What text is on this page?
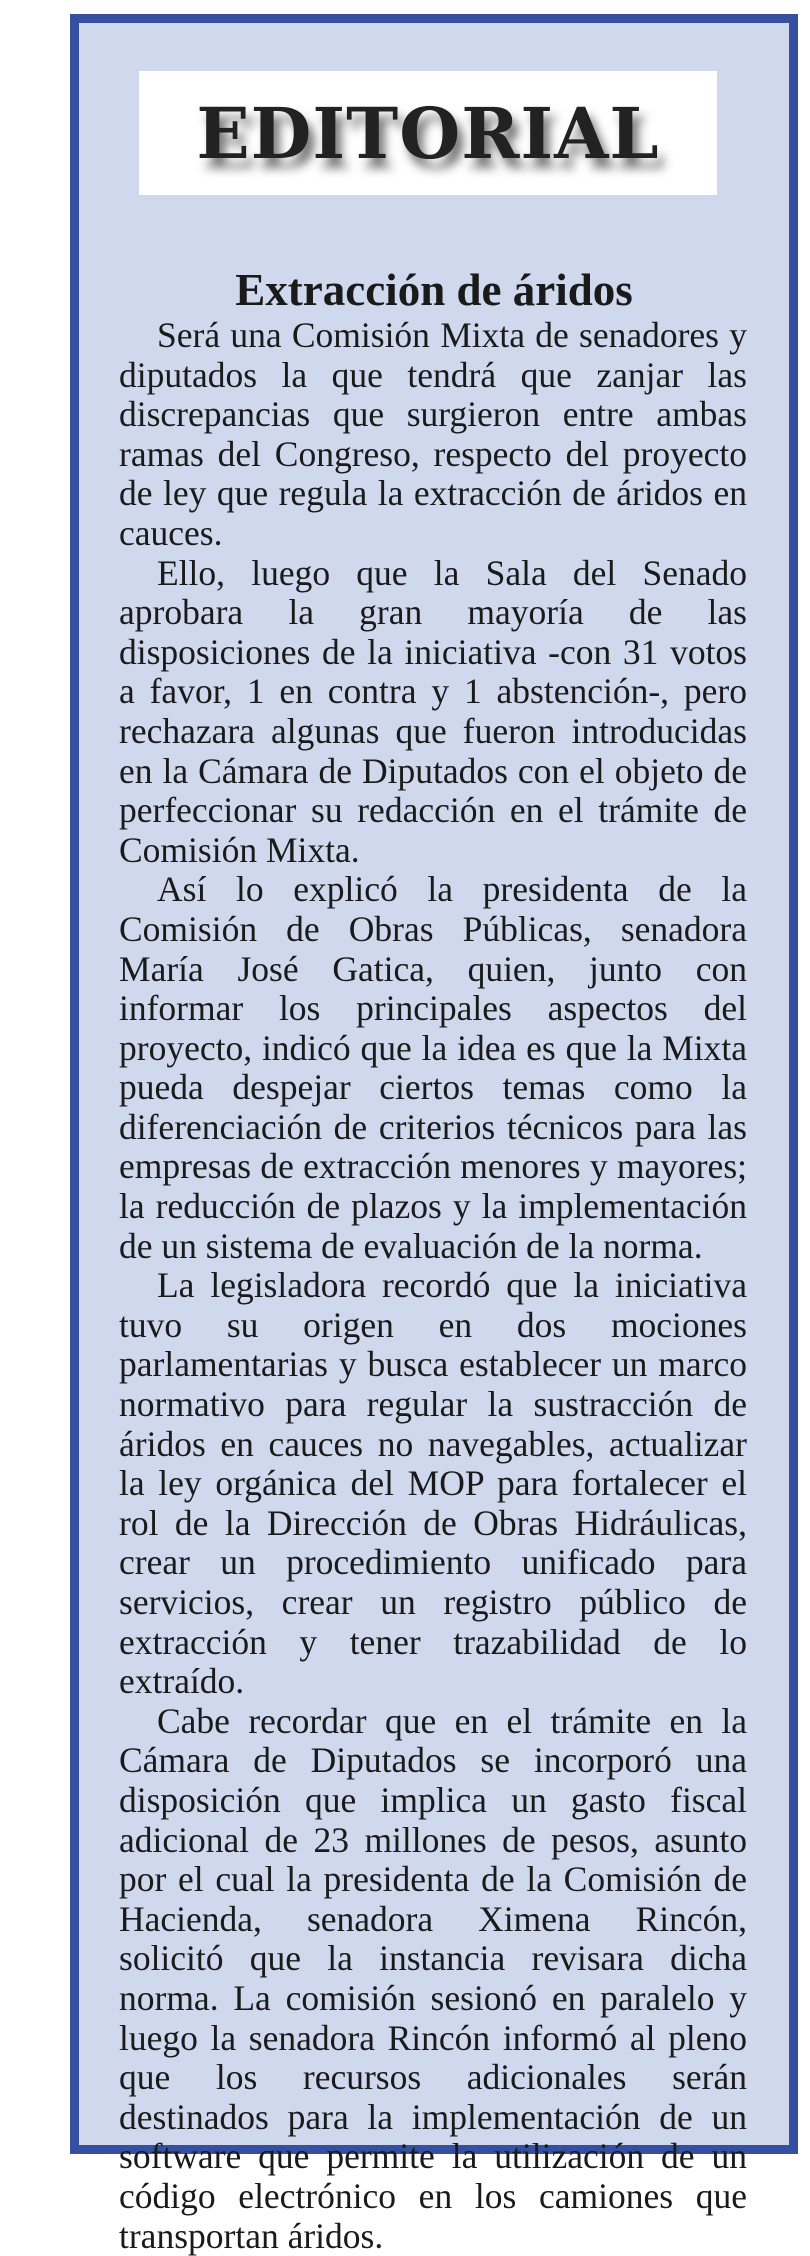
EDITORIAL
Extracción de áridos

Será una Comisión Mixta de senadores y diputados la que tendrá que zanjar las discrepancias que surgieron entre ambas ramas del Congreso, respecto del proyecto de ley que regula la extracción de áridos en cauces.

Ello, luego que la Sala del Senado aprobara la gran mayoría de las disposiciones de la iniciativa -con 31 votos a favor, 1 en contra y 1 abstención-, pero rechazara algunas que fueron introducidas en la Cámara de Diputados con el objeto de perfeccionar su redacción en el trámite de Comisión Mixta.

Así lo explicó la presidenta de la Comisión de Obras Públicas, senadora María José Gatica, quien, junto con informar los principales aspectos del proyecto, indicó que la idea es que la Mixta pueda despejar ciertos temas como la diferenciación de criterios técnicos para las empresas de extracción menores y mayores; la reducción de plazos y la implementación de un sistema de evaluación de la norma.

La legisladora recordó que la iniciativa tuvo su origen en dos mociones parlamentarias y busca establecer un marco normativo para regular la sustracción de áridos en cauces no navegables, actualizar la ley orgánica del MOP para fortalecer el rol de la Dirección de Obras Hidráulicas, crear un procedimiento unificado para servicios, crear un registro público de extracción y tener trazabilidad de lo extraído.

Cabe recordar que en el trámite en la Cámara de Diputados se incorporó una disposición que implica un gasto fiscal adicional de 23 millones de pesos, asunto por el cual la presidenta de la Comisión de Hacienda, senadora Ximena Rincón, solicitó que la instancia revisara dicha norma. La comisión sesionó en paralelo y luego la senadora Rincón informó al pleno que los recursos adicionales serán destinados para la implementación de un software que permite la utilización de un código electrónico en los camiones que transportan áridos.
